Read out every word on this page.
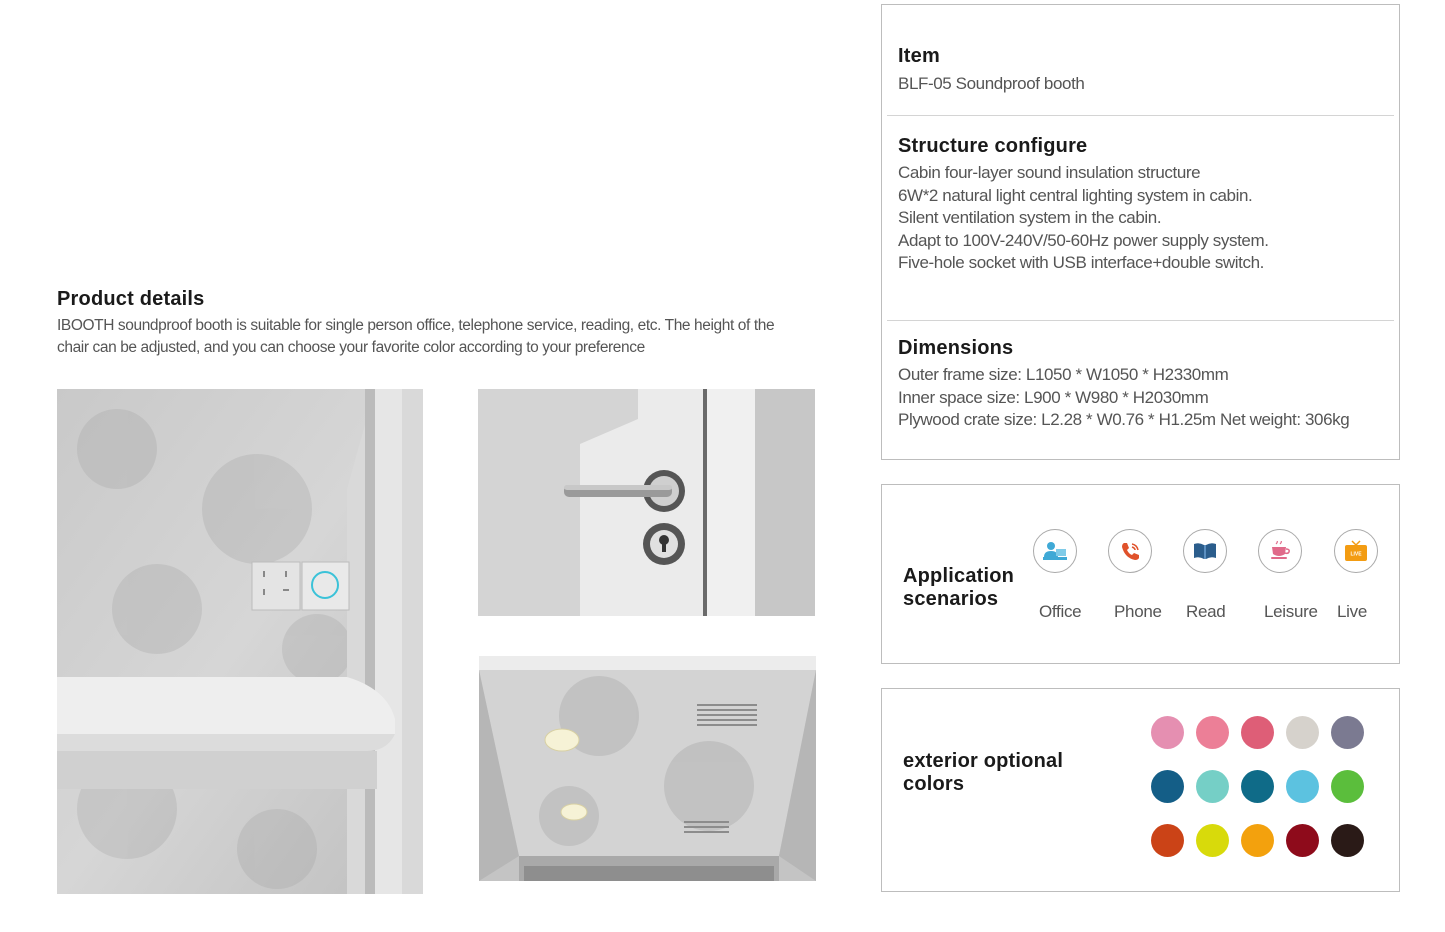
Product details
IBOOTH soundproof booth is suitable for single person office, telephone service, reading, etc. The height of the chair can be adjusted, and you can choose your favorite color according to your preference
Item
BLF-05 Soundproof booth
Structure configure
Cabin four-layer sound insulation structure
6W*2 natural light central lighting system in cabin.
Silent ventilation system in the cabin.
Adapt to 100V-240V/50-60Hz power supply system.
Five-hole socket with USB interface+double switch.
Dimensions
Outer frame size: L1050 * W1050 * H2330mm
Inner space size: L900 * W980 * H2030mm
Plywood crate size: L2.28 * W0.76 * H1.25m Net weight: 306kg
Application
scenarios
Office Phone Read Leisure
LIVE
Live
exterior optional
colors
